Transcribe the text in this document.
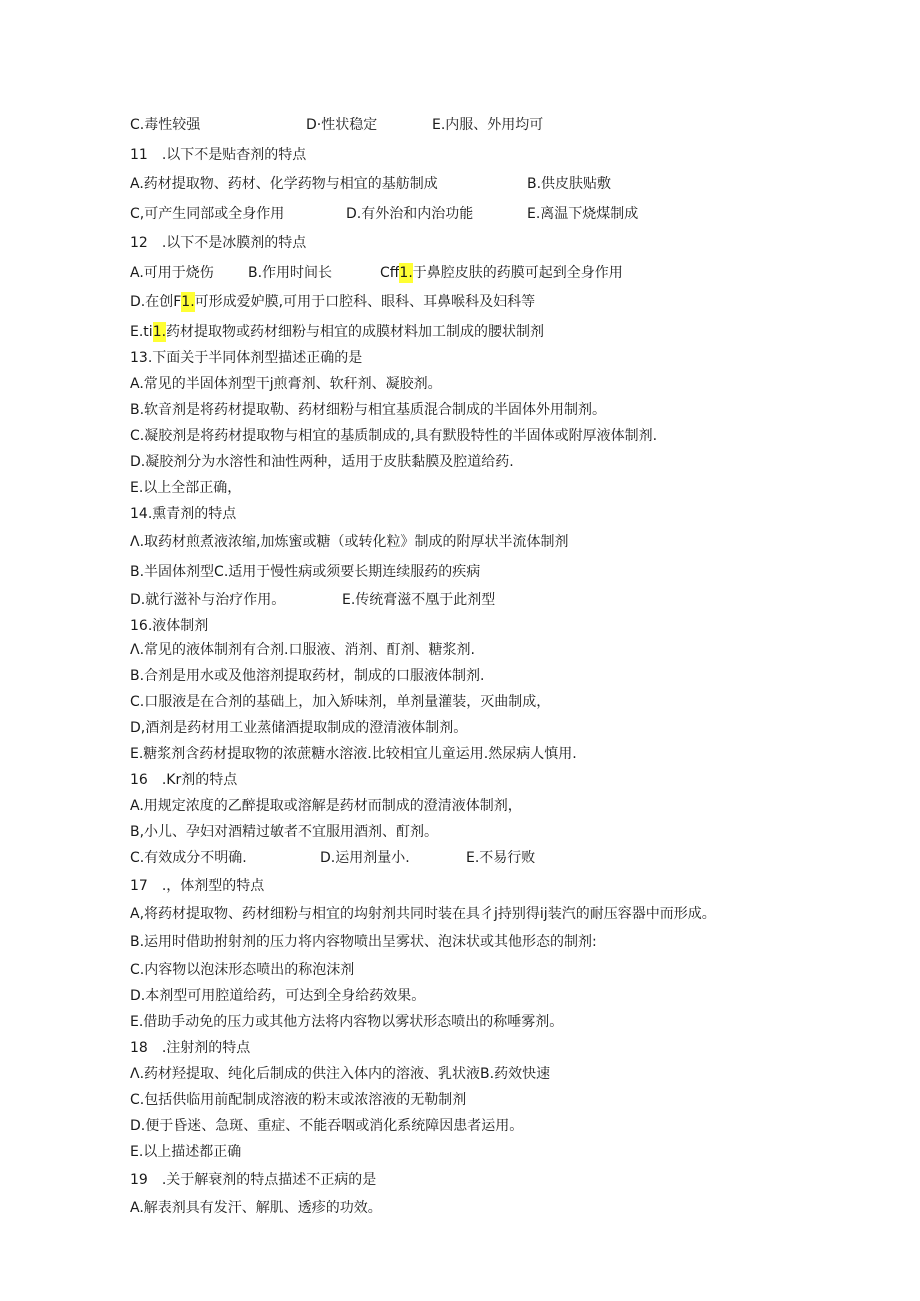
C.毒性较强	D·性状稳定	E.内服、外用均可
11　.以下不是贴杳剂的特点
A.药材提取物、药材、化学药物与相宜的基舫制成	B.供皮肤贴敷
C,可产生同部或全身作用	D.有外治和内治功能	E.离温下烧煤制成
12　.以下不是冰膜剂的特点
A.可用于烧伤 B.作用时间长	Cff1.于鼻腔皮肤的药膜可起到全身作用
D.在创F1.可形成爱妒膜,可用于口腔科、眼科、耳鼻喉科及妇科等
E.ti1.药材提取物或药材细粉与相宜的成膜材料加工制成的腰状制剂
13.下面关于半同体剂型描述正确的是
A.常见的半固体剂型干j煎膏剂、软秆剂、凝胶剂。
B.软音剂是将药材提取勒、药材细粉与相宜基质混合制成的半固体外用制剂。
C.凝胶剂是将药材提取物与相宜的基质制成的,具有默股特性的半固体或附厚液体制剂.
D.凝胶剂分为水溶性和油性两种，适用于皮肤黏膜及腔道给药.
E.以上全部正确，
14.熏青剂的特点
Λ.取药材煎煮液浓缩,加炼蜜或糖（或转化粒》制成的附厚状半流体制剂
B.半固体剂型C.适用于慢性病或须要长期连续服药的疾病
D.就行滋补与治疗作用。	E.传统膏滋不凰于此剂型
16.液体制剂
Λ.常见的液体制剂有合剂.口服液、消剂、酊剂、糖浆剂.
B.合剂是用水或及他溶剂提取药材，制成的口服液体制剂.
C.口服液是在合剂的基础上，加入矫味剂，单剂量灌装，灭曲制成，
D,酒剂是药材用工业蒸储酒提取制成的澄清液体制剂。
E.糖浆剂含药材提取物的浓蔗糖水溶液.比较相宜儿童运用.然尿病人慎用.
16　.Kr剂的特点
A.用规定浓度的乙醉提取或溶解是药材而制成的澄清液体制剂，
B,小儿、孕妇对酒精过敏者不宜服用酒剂、酊剂。
C.有效成分不明确.	D.运用剂量小.	E.不易行败
17　.，体剂型的特点
A,将药材提取物、药材细粉与相宜的㘬射剂共同时装在具彳j持别得ij装汽的耐压容器中而形成。
B.运用时借助拊射剂的压力将内容物喷出呈雾状、泡沫状或其他形态的制剂:
C.内容物以泡沫形态喷出的称泡沫剂
D.本剂型可用腔道给药，可达到全身给药效果。
E.借助手动免的压力或其他方法将内容物以雾状形态喷出的称唾雾剂。
18　.注射剂的特点
Λ.药材羟提取、纯化后制成的供注入体内的溶液、乳状液B.药效快速
C.包括供临用前配制成溶液的粉末或浓溶液的无勒制剂
D.便于昏迷、急斑、重症、不能吞咽或消化系统障因患者运用。
E.以上描述都正确
19　.关于解衰剂的特点描述不正病的是
A.解表剂具有发汗、解肌、透疹的功效。
